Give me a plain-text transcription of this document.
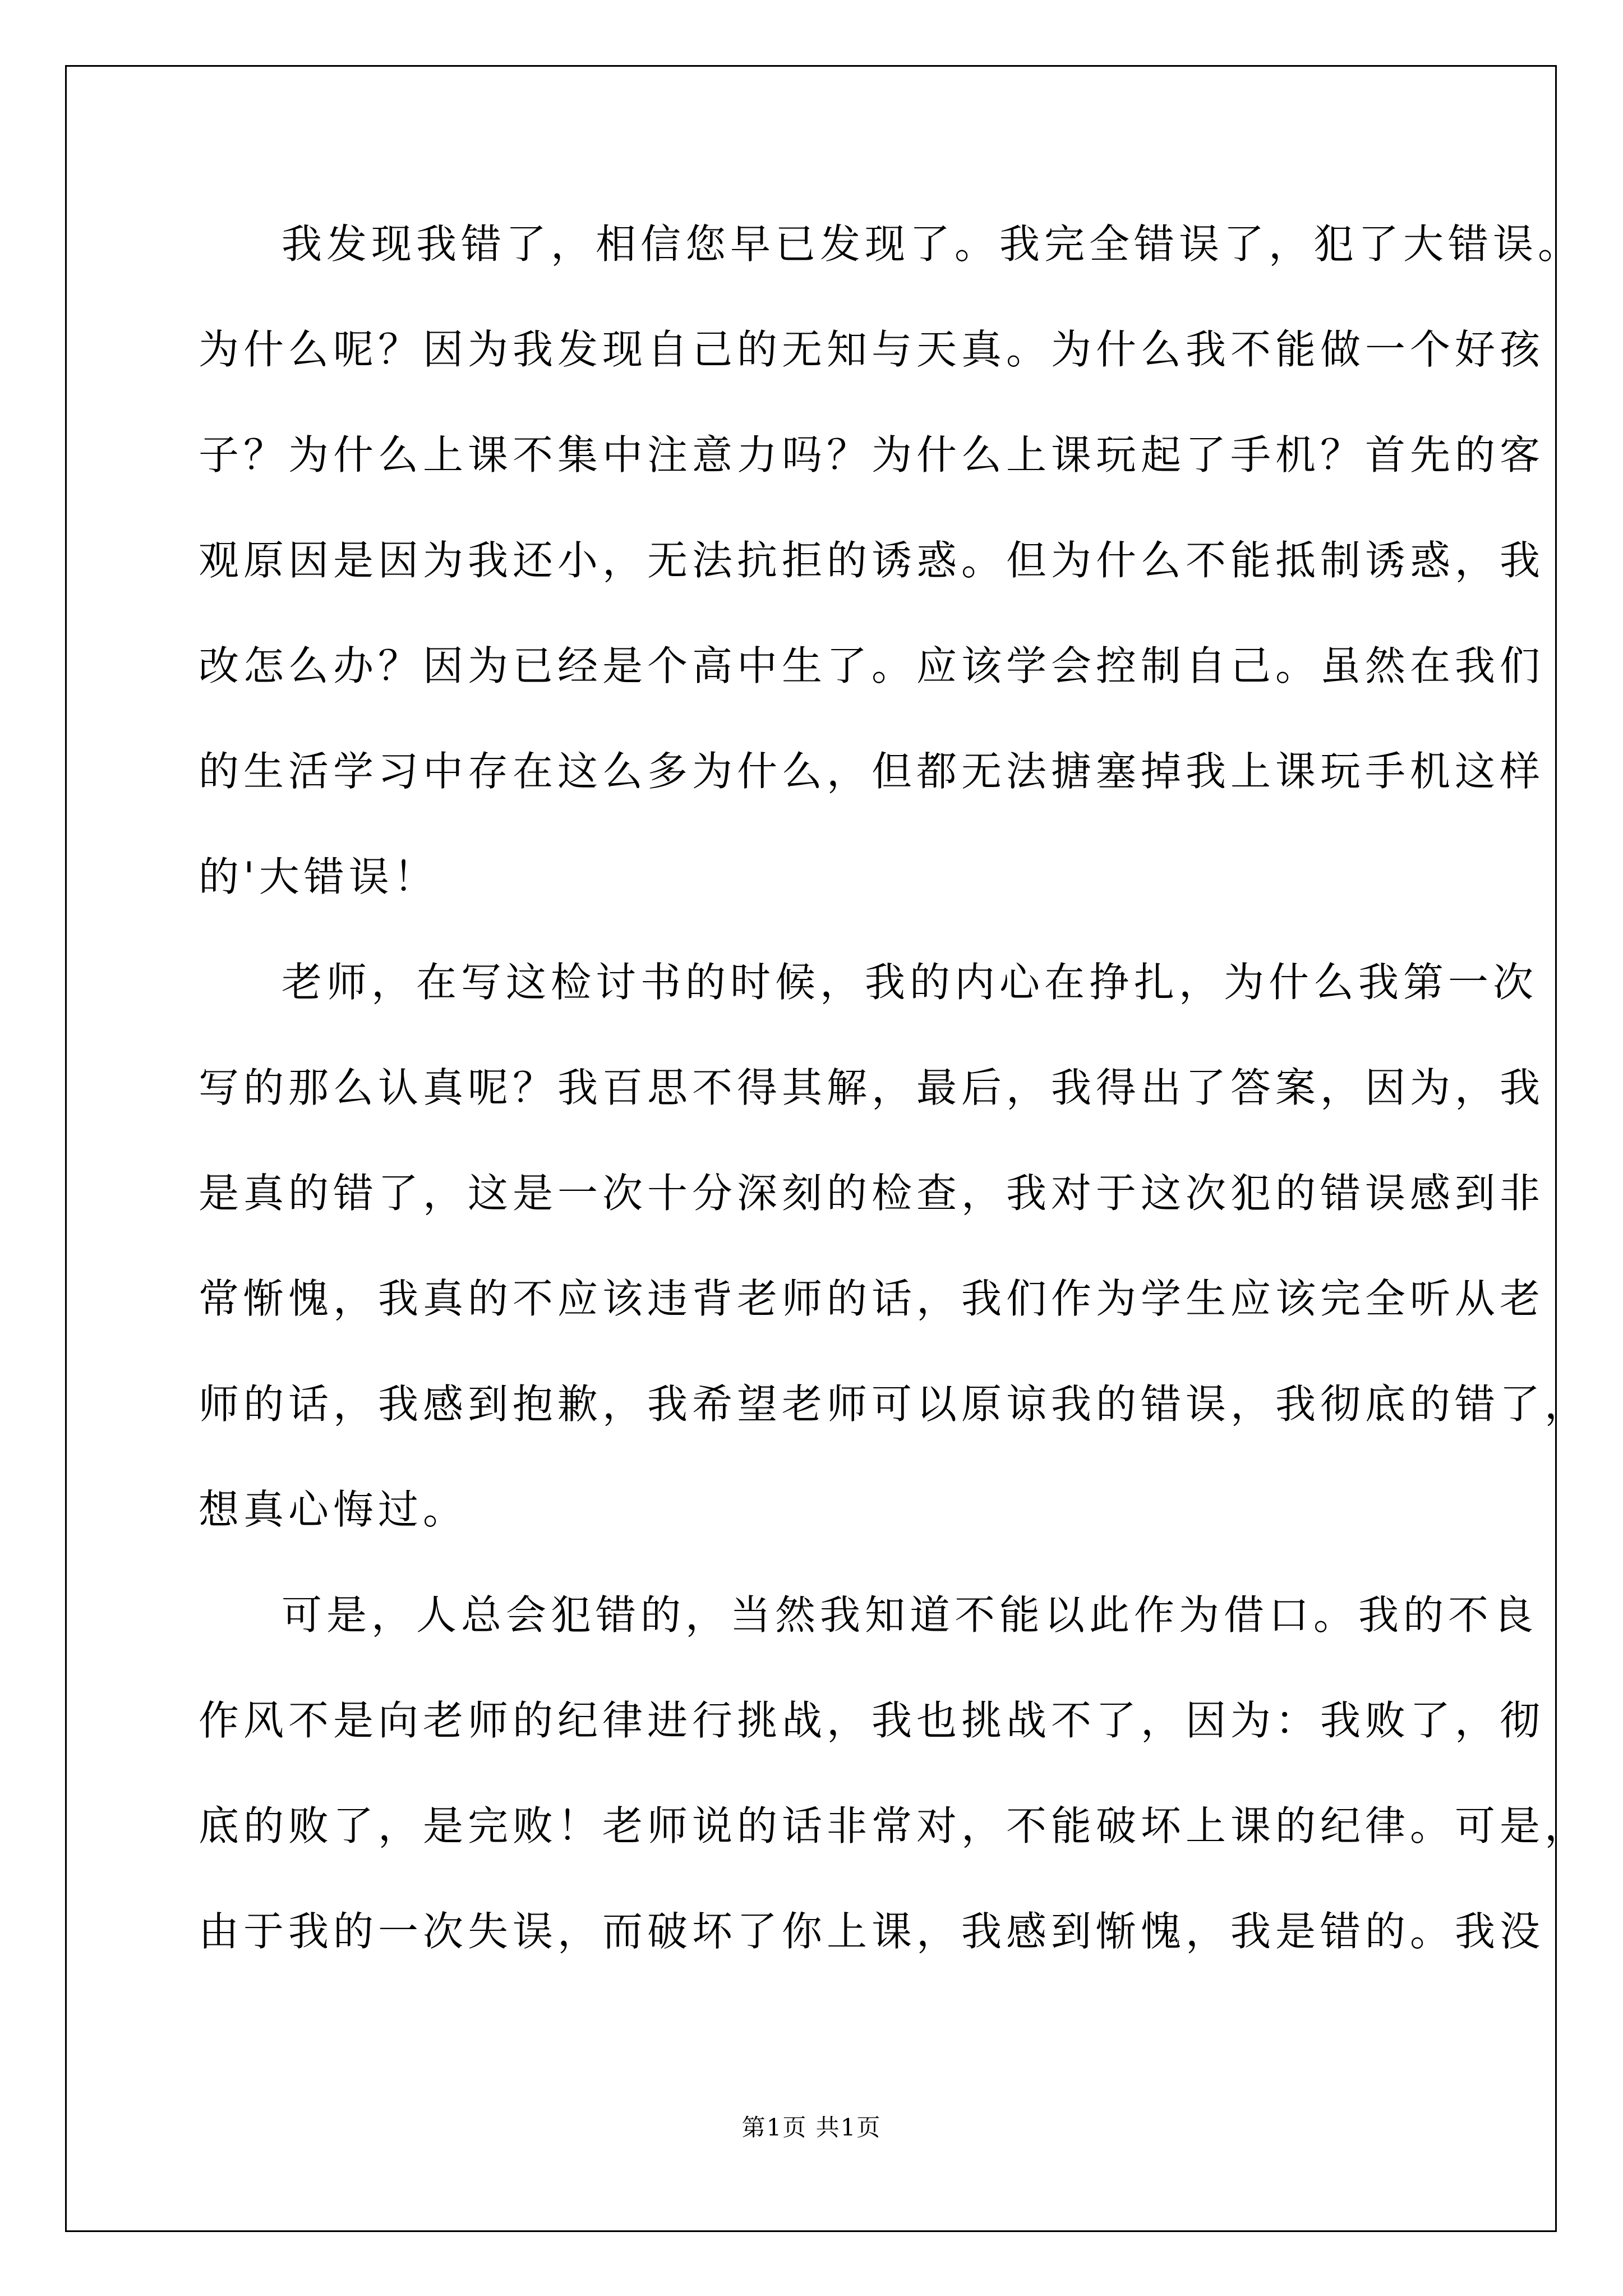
我发现我错了，相信您早已发现了。我完全错误了，犯了大错误。
为什么呢？因为我发现自己的无知与天真。为什么我不能做一个好孩
子？为什么上课不集中注意力吗？为什么上课玩起了手机？首先的客
观原因是因为我还小，无法抗拒的诱惑。但为什么不能抵制诱惑，我
改怎么办？因为已经是个高中生了。应该学会控制自己。虽然在我们
的生活学习中存在这么多为什么，但都无法搪塞掉我上课玩手机这样
的'大错误！
老师，在写这检讨书的时候，我的内心在挣扎，为什么我第一次
写的那么认真呢？我百思不得其解，最后，我得出了答案，因为，我
是真的错了，这是一次十分深刻的检查，我对于这次犯的错误感到非
常惭愧，我真的不应该违背老师的话，我们作为学生应该完全听从老
师的话，我感到抱歉，我希望老师可以原谅我的错误，我彻底的错了，
想真心悔过。
可是，人总会犯错的，当然我知道不能以此作为借口。我的不良
作风不是向老师的纪律进行挑战，我也挑战不了，因为：我败了，彻
底的败了，是完败！老师说的话非常对，不能破坏上课的纪律。可是，
由于我的一次失误，而破坏了你上课，我感到惭愧，我是错的。我没
第1页 共1页
